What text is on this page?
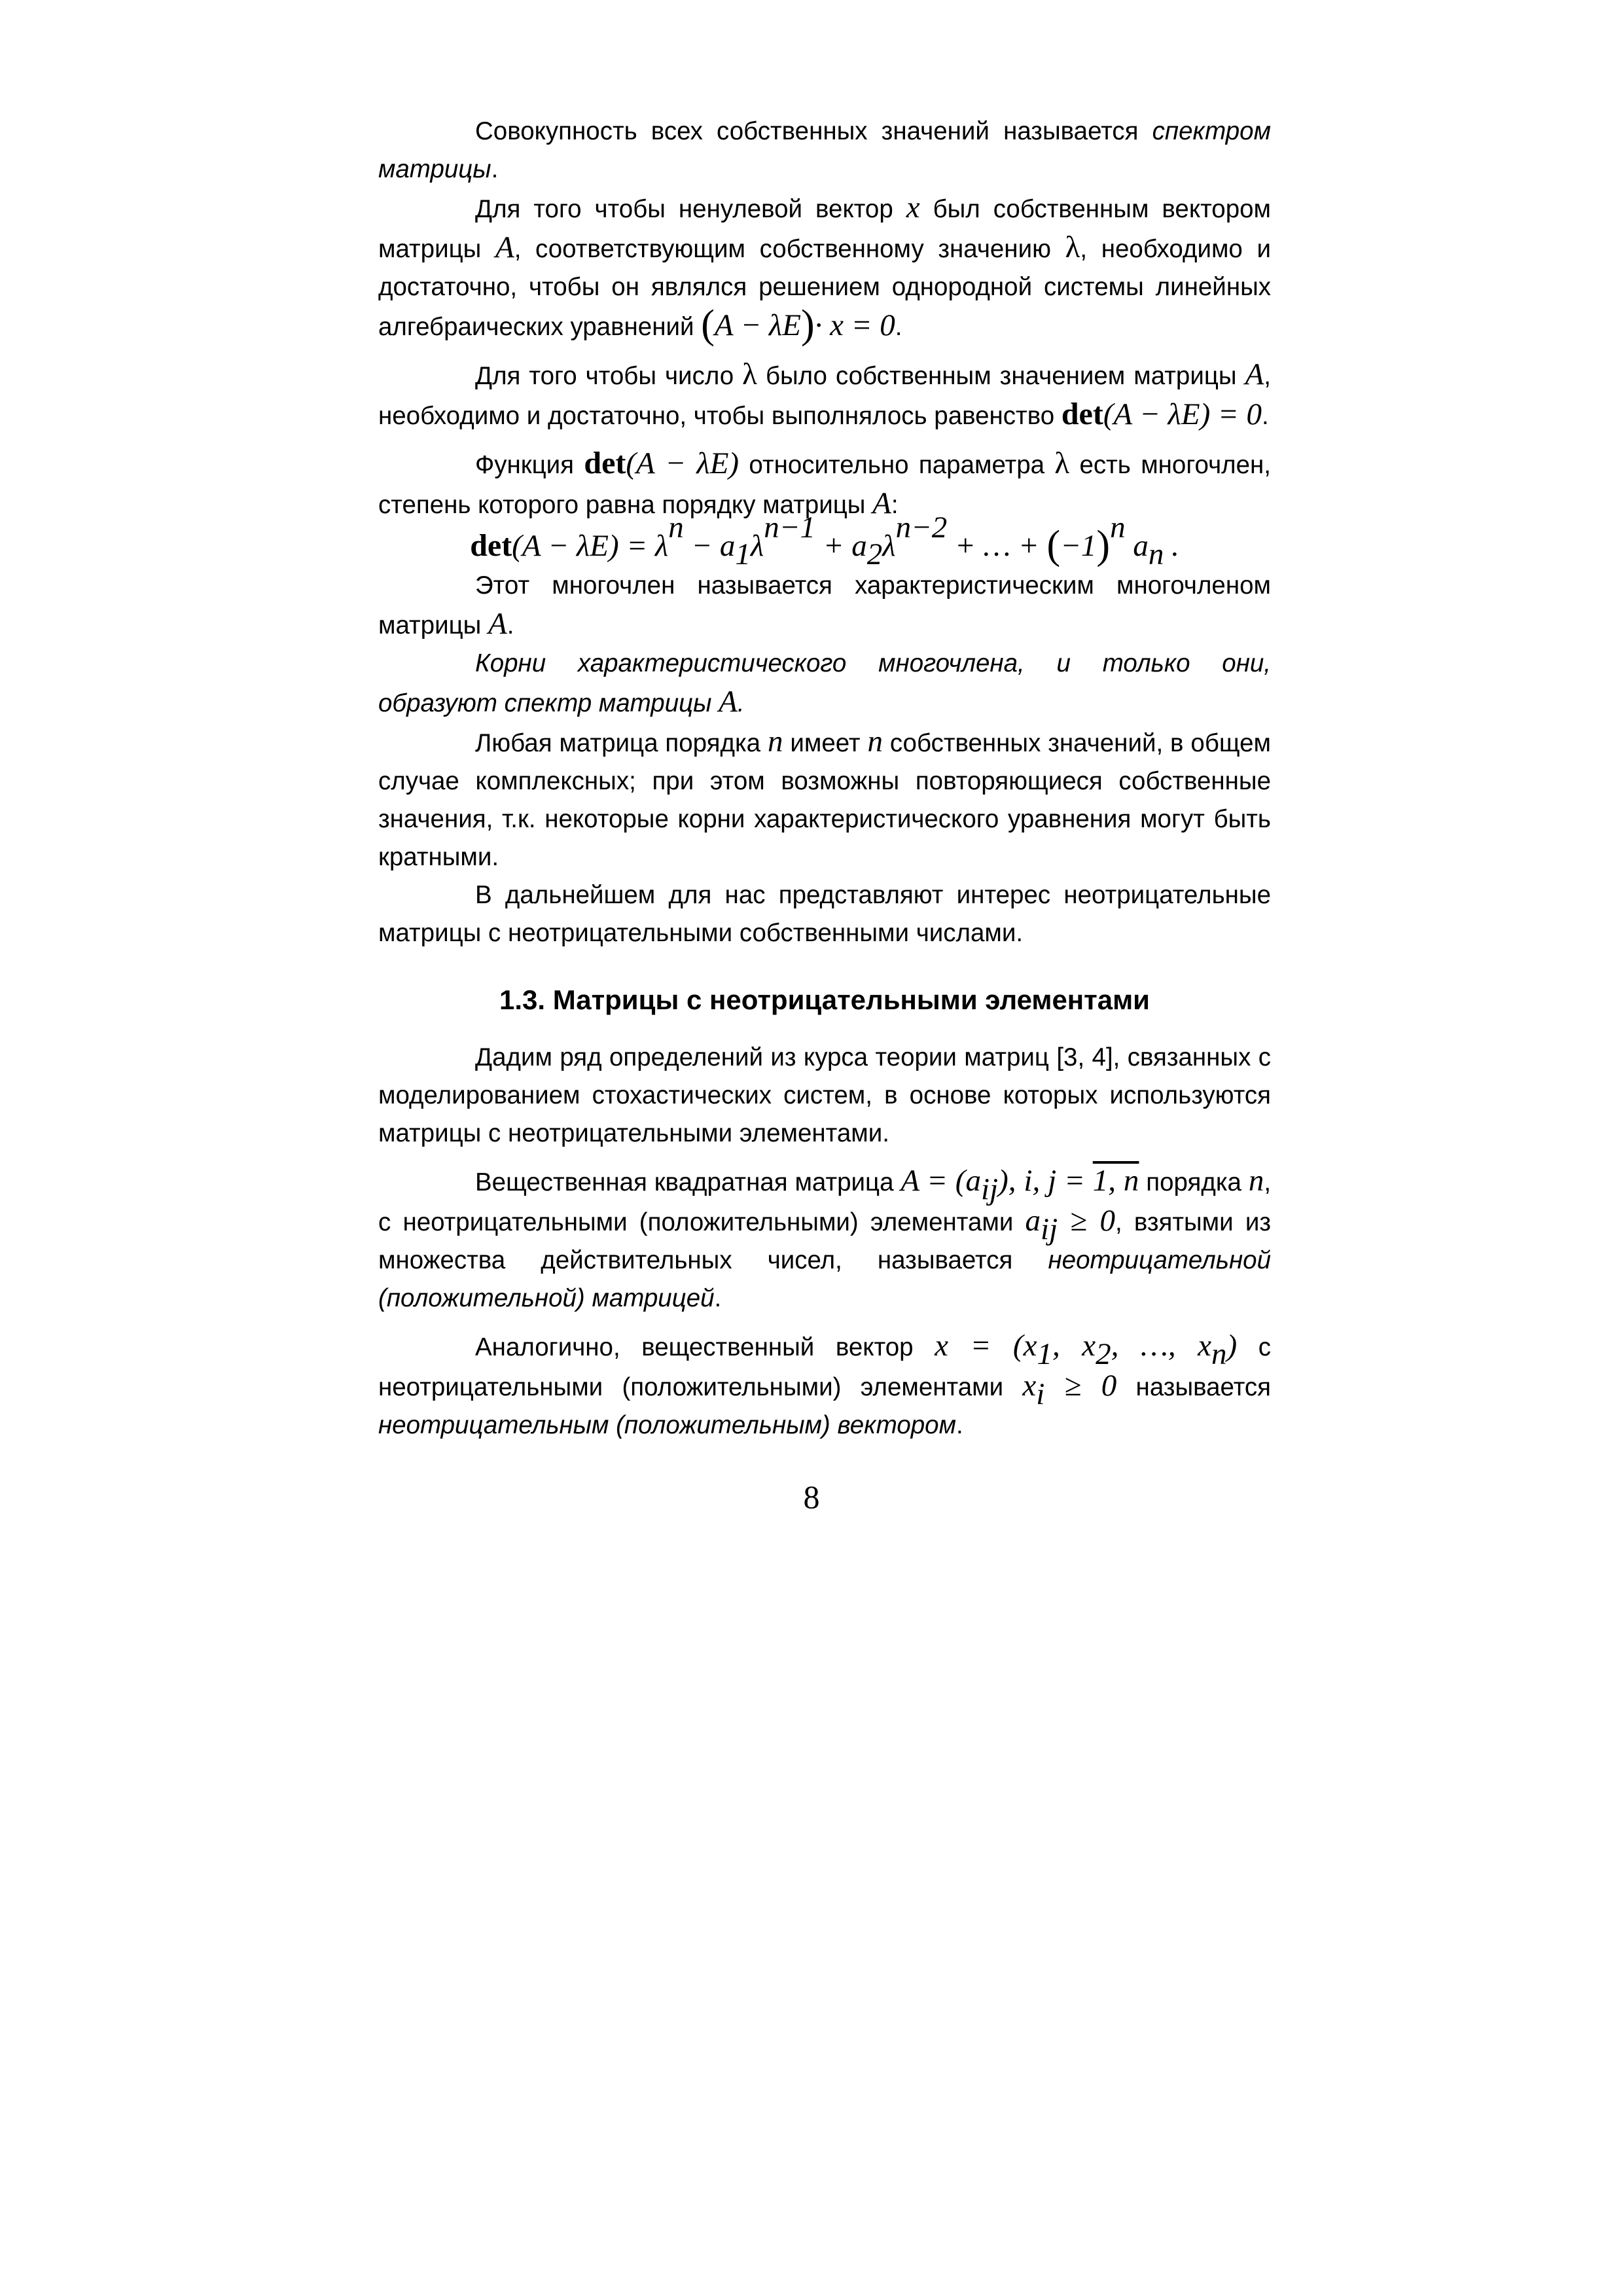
Совокупность всех собственных значений называется спектром матрицы.

Для того чтобы ненулевой вектор x был собственным вектором матрицы A, соответствующим собственному значению λ, необходимо и достаточно, чтобы он являлся решением однородной системы линейных алгебраических уравнений (A − λE)· x = 0.

Для того чтобы число λ было собственным значением матрицы A, необходимо и достаточно, чтобы выполнялось равенство det(A − λE) = 0.

Функция det(A − λE) относительно параметра λ есть многочлен, степень которого равна порядку матрицы A:

$\det(A - \lambda E) = \lambda^n - a_1\lambda^{n-1} + a_2\lambda^{n-2}$ + … + $(-1)^n$ $a_n$ .

Этот многочлен называется характеристическим многочленом матрицы A.

Корни характеристического многочлена, и только они, образуют спектр матрицы A.

Любая матрица порядка n имеет n собственных значений, в общем случае комплексных; при этом возможны повторяющиеся собственные значения, т.к. некоторые корни характеристического уравнения могут быть кратными.

В дальнейшем для нас представляют интерес неотрицательные матрицы с неотрицательными собственными числами.

1.3. Матрицы с неотрицательными элементами

Дадим ряд определений из курса теории матриц [3, 4], связанных с моделированием стохастических систем, в основе которых используются матрицы с неотрицательными элементами.

Вещественная квадратная матрица $A = (a_{ij})$, i, j = 1, n порядка n, с неотрицательными (положительными) элементами $a_{ij} \ge 0$, взятыми из множества действительных чисел, называется неотрицательной (положительной) матрицей.

Аналогично, вещественный вектор $x = (x_1$, $x_2$, …, $x_n$) с неотрицательными (положительными) элементами $x_i \ge 0$ называется неотрицательным (положительным) вектором.

8
